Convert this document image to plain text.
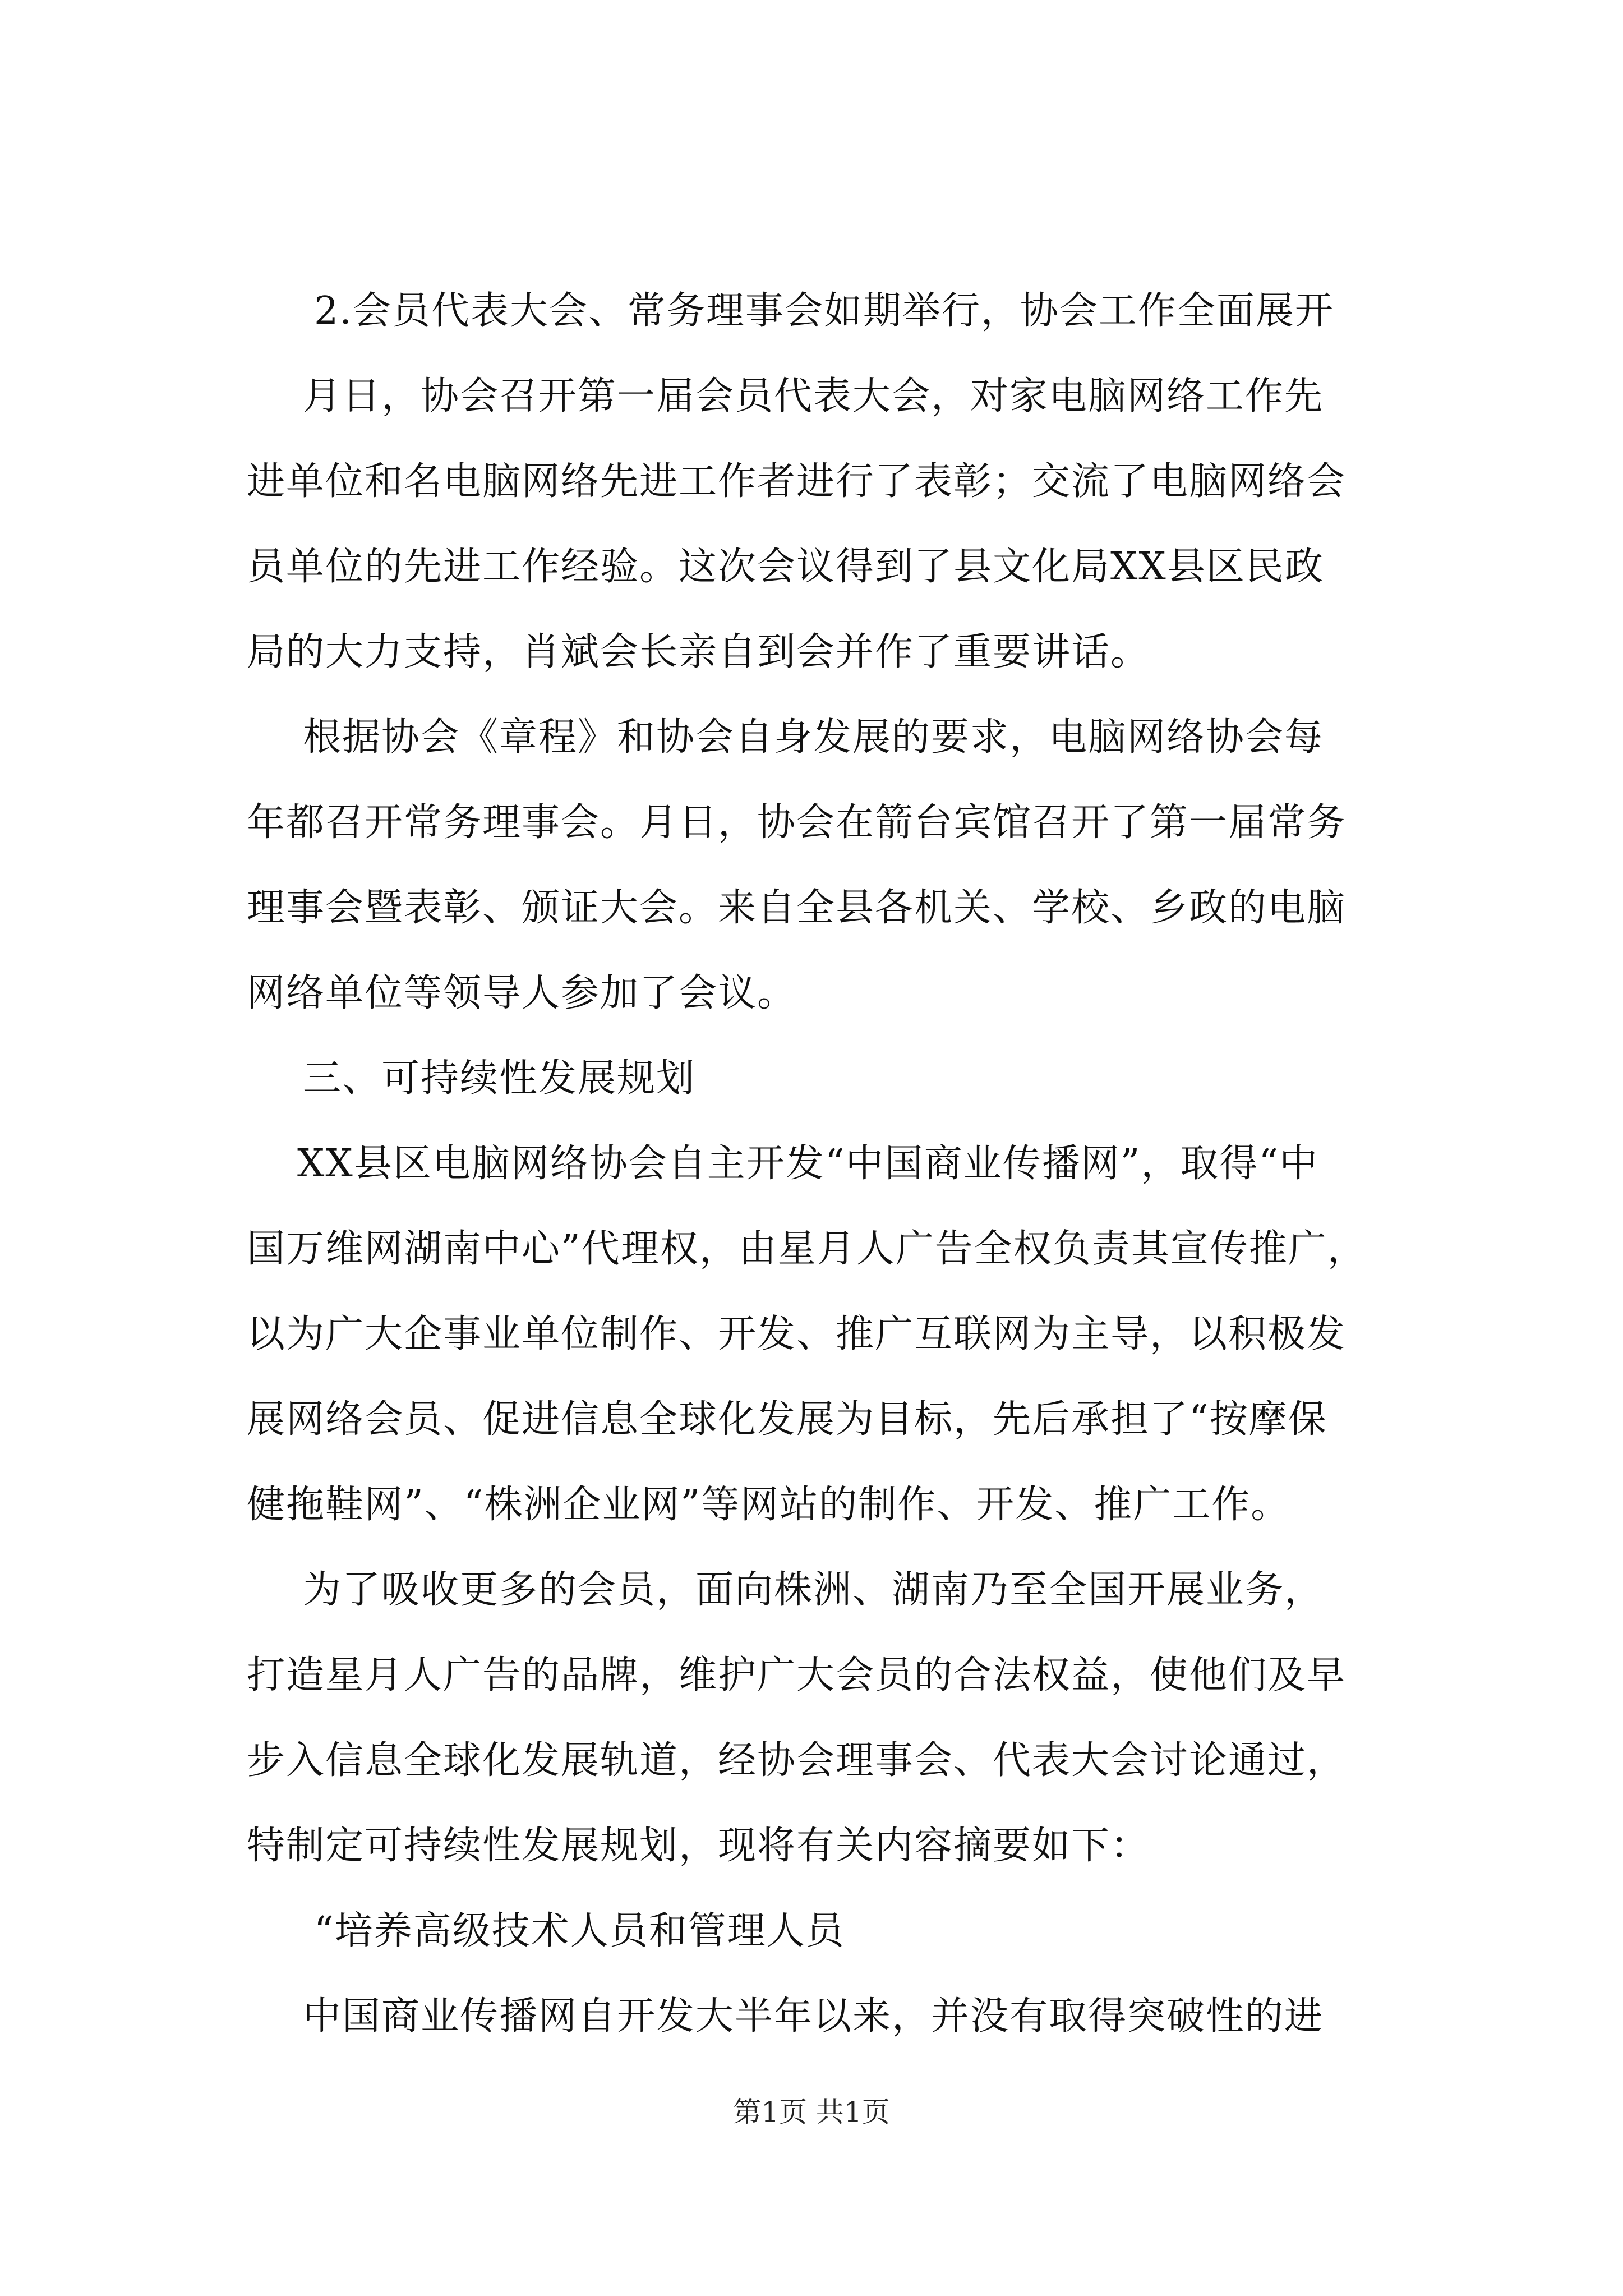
2.会员代表大会、常务理事会如期举行，协会工作全面展开
月日，协会召开第一届会员代表大会，对家电脑网络工作先
进单位和名电脑网络先进工作者进行了表彰；交流了电脑网络会
员单位的先进工作经验。这次会议得到了县文化局XX县区民政
局的大力支持，肖斌会长亲自到会并作了重要讲话。
根据协会《章程》和协会自身发展的要求，电脑网络协会每
年都召开常务理事会。月日，协会在箭台宾馆召开了第一届常务
理事会暨表彰、颁证大会。来自全县各机关、学校、乡政的电脑
网络单位等领导人参加了会议。
三、可持续性发展规划
XX县区电脑网络协会自主开发“中国商业传播网”，取得“中
国万维网湖南中心”代理权，由星月人广告全权负责其宣传推广，
以为广大企事业单位制作、开发、推广互联网为主导，以积极发
展网络会员、促进信息全球化发展为目标，先后承担了“按摩保
健拖鞋网”、“株洲企业网”等网站的制作、开发、推广工作。
为了吸收更多的会员，面向株洲、湖南乃至全国开展业务，
打造星月人广告的品牌，维护广大会员的合法权益，使他们及早
步入信息全球化发展轨道，经协会理事会、代表大会讨论通过，
特制定可持续性发展规划，现将有关内容摘要如下：
“培养高级技术人员和管理人员
中国商业传播网自开发大半年以来，并没有取得突破性的进
第1页 共1页
